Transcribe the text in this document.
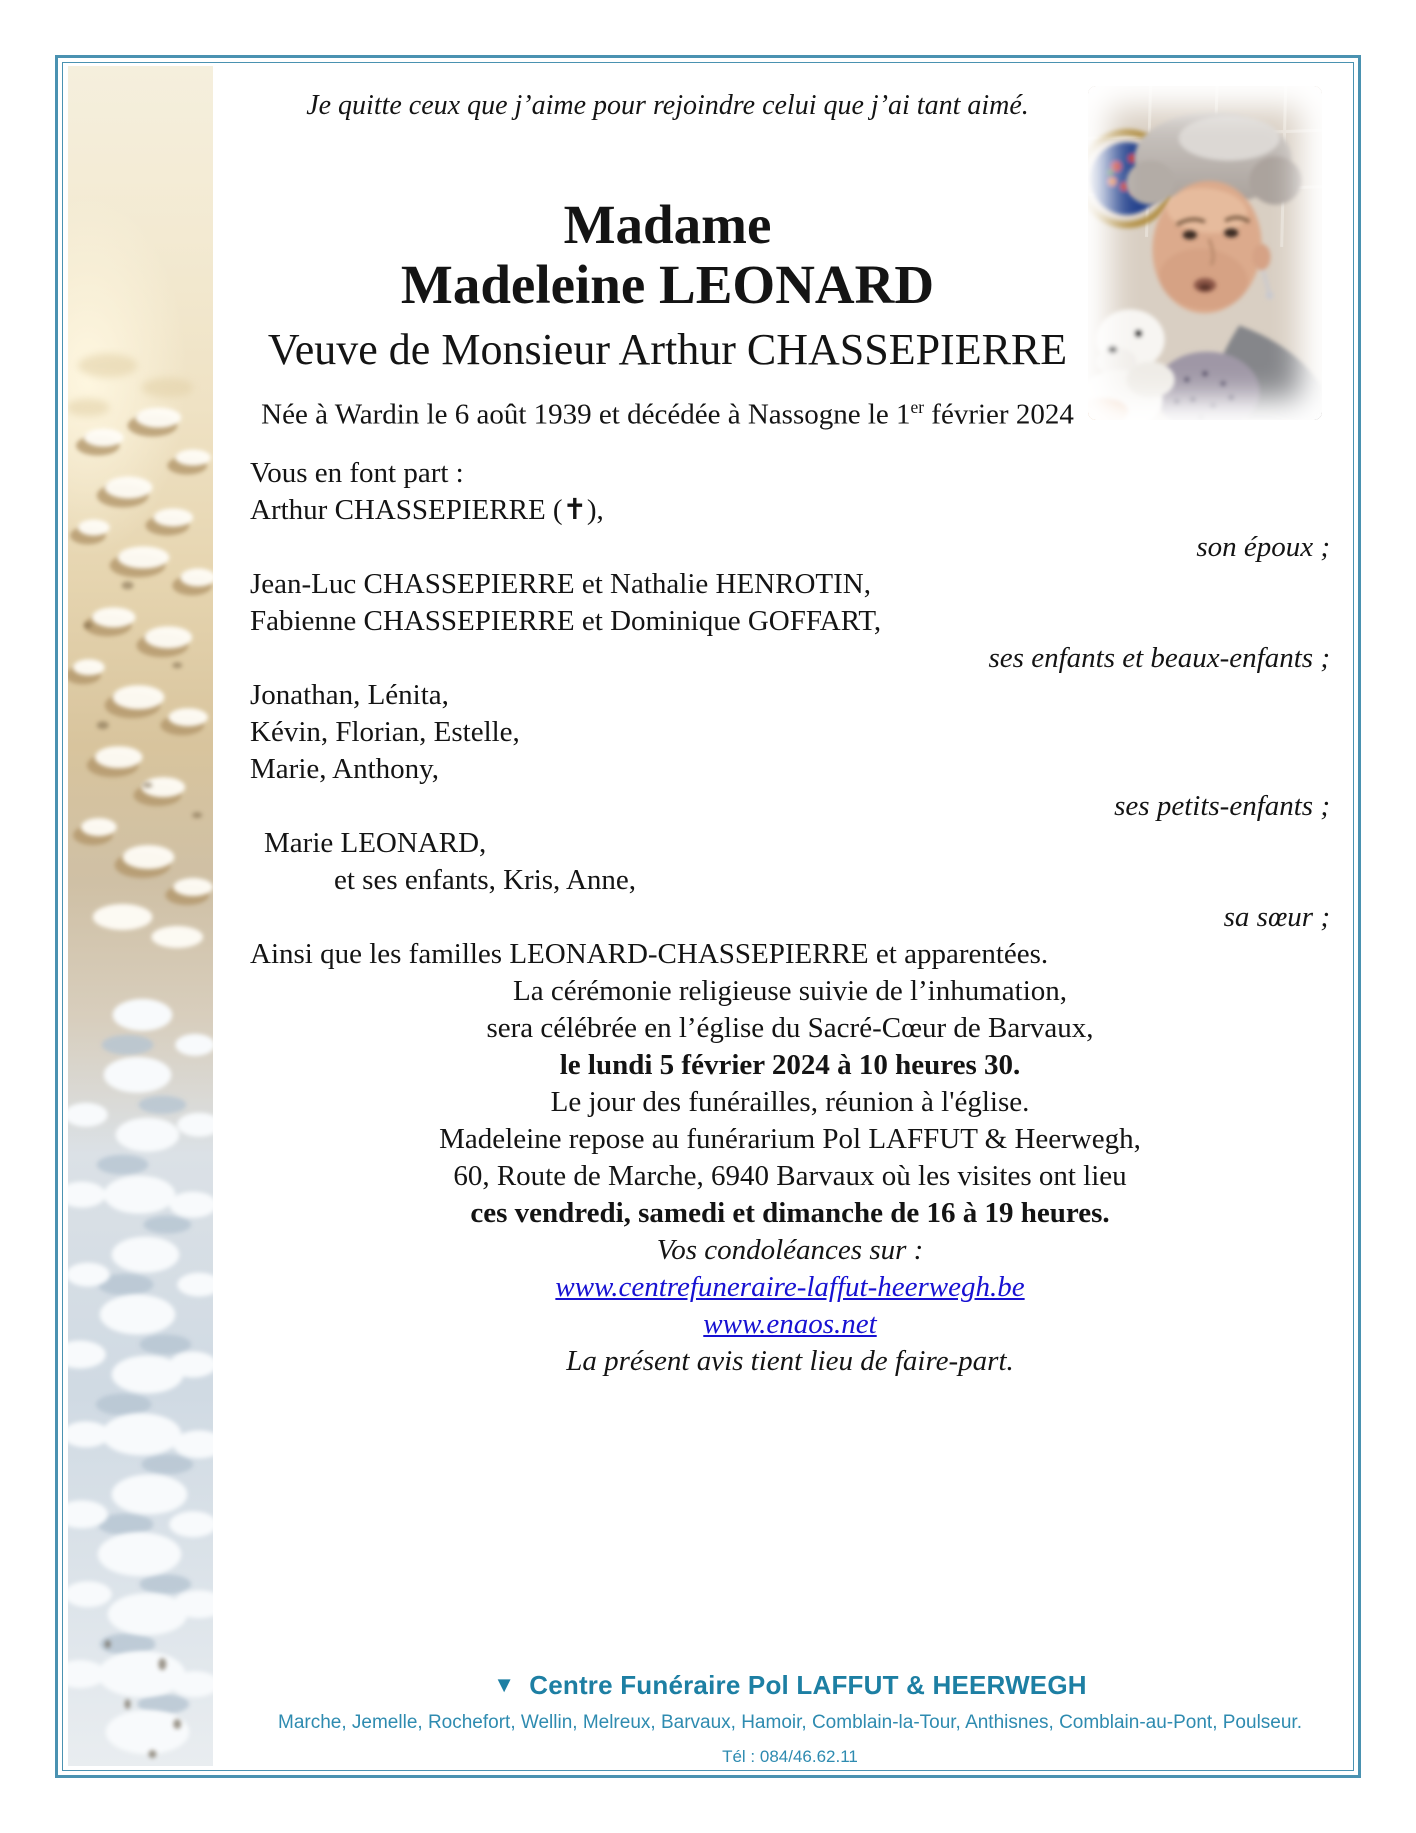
Je quitte ceux que j’aime pour rejoindre celui que j’ai tant aimé.
Madame
Madeleine LEONARD
Veuve de Monsieur Arthur CHASSEPIERRE
Née à Wardin le 6 août 1939 et décédée à Nassogne le 1er février 2024
Vous en font part :
Arthur CHASSEPIERRE (✝),
son époux ;
Jean-Luc CHASSEPIERRE et Nathalie HENROTIN,
Fabienne CHASSEPIERRE et Dominique GOFFART,
ses enfants et beaux-enfants ;
Jonathan, Lénita,
Kévin, Florian, Estelle,
Marie, Anthony,
ses petits-enfants ;
Marie LEONARD,
et ses enfants, Kris, Anne,
sa sœur ;
Ainsi que les familles LEONARD-CHASSEPIERRE et apparentées.
La cérémonie religieuse suivie de l’inhumation,
sera célébrée en l’église du Sacré-Cœur de Barvaux,
le lundi 5 février 2024 à 10 heures 30.
Le jour des funérailles, réunion à l'église.
Madeleine repose au funérarium Pol LAFFUT & Heerwegh,
60, Route de Marche, 6940 Barvaux où les visites ont lieu
ces vendredi, samedi et dimanche de 16 à 19 heures.
Vos condoléances sur :
www.centrefuneraire-laffut-heerwegh.be
www.enaos.net
La présent avis tient lieu de faire-part.
▼ Centre Funéraire Pol LAFFUT & HEERWEGH
Marche, Jemelle, Rochefort, Wellin, Melreux, Barvaux, Hamoir, Comblain-la-Tour, Anthisnes, Comblain-au-Pont, Poulseur.
Tél : 084/46.62.11
